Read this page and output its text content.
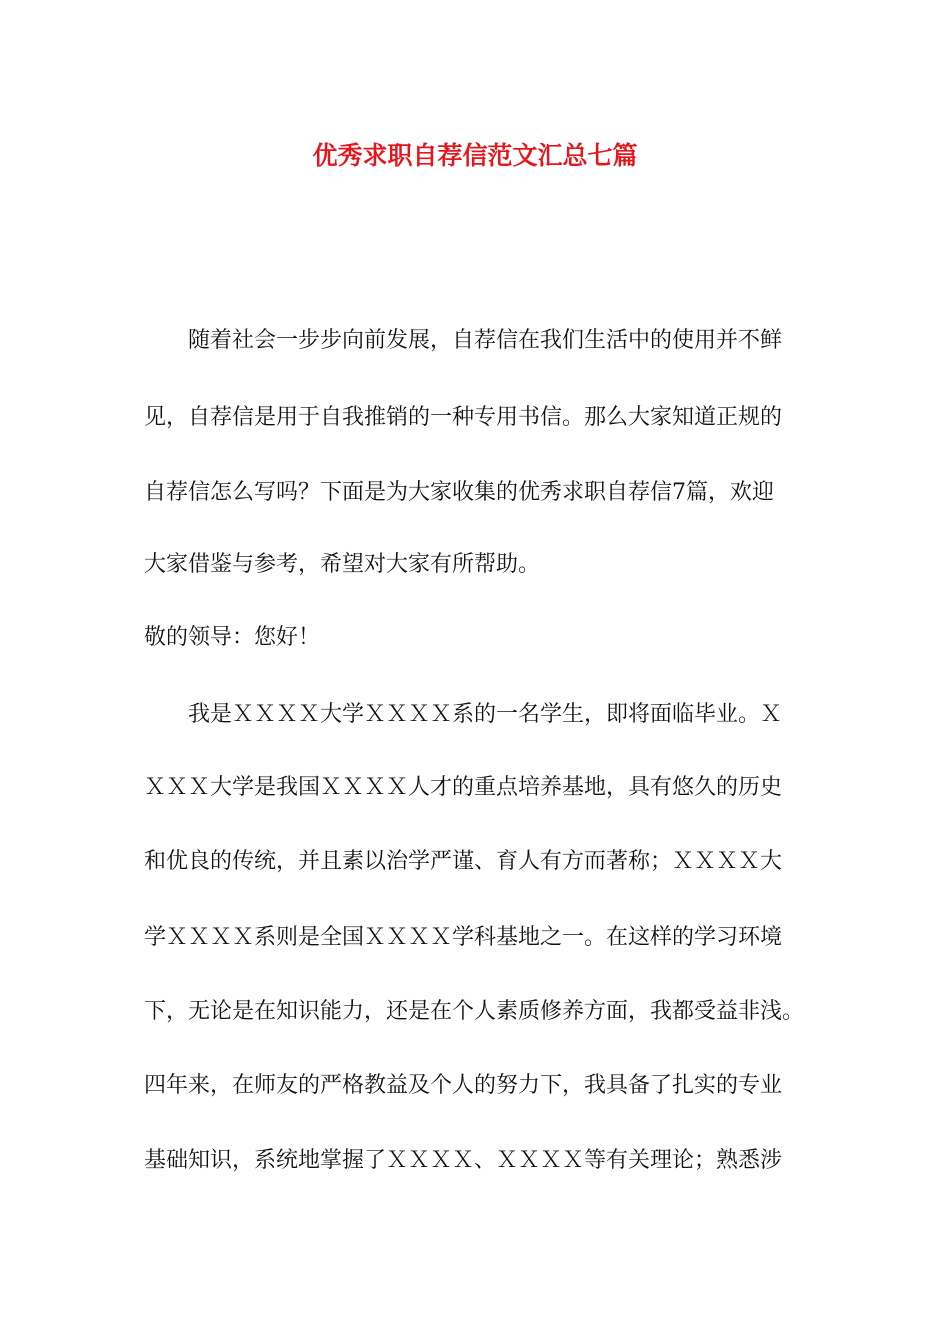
优秀求职自荐信范文汇总七篇
　　随着社会一步步向前发展，自荐信在我们生活中的使用并不鲜
见，自荐信是用于自我推销的一种专用书信。那么大家知道正规的
自荐信怎么写吗？下面是为大家收集的优秀求职自荐信7篇，欢迎
大家借鉴与参考，希望对大家有所帮助。
敬的领导：您好！
　　我是ＸＸＸＸ大学ＸＸＸＸ系的一名学生，即将面临毕业。Ｘ
ＸＸＸ大学是我国ＸＸＸＸ人才的重点培养基地，具有悠久的历史
和优良的传统，并且素以治学严谨、育人有方而著称；ＸＸＸＸ大
学ＸＸＸＸ系则是全国ＸＸＸＸ学科基地之一。在这样的学习环境
下，无论是在知识能力，还是在个人素质修养方面，我都受益非浅。
四年来，在师友的严格教益及个人的努力下，我具备了扎实的专业
基础知识，系统地掌握了ＸＸＸＸ、ＸＸＸＸ等有关理论；熟悉涉
